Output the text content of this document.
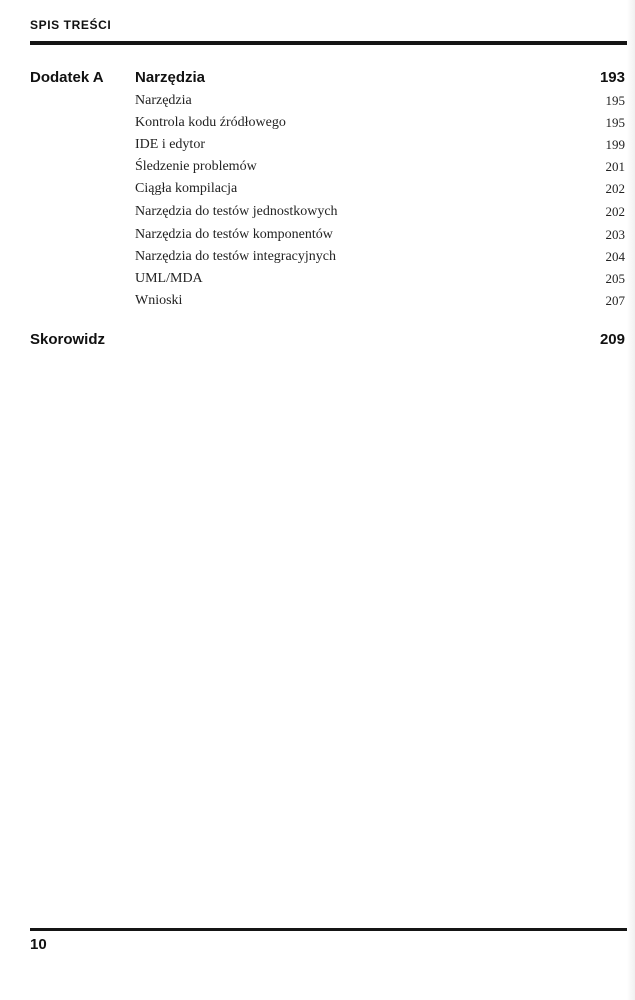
SPIS TREŚCI
Dodatek A Narzędzia	193
Narzędzia	195
Kontrola kodu źródłowego	195
IDE i edytor	199
Śledzenie problemów	201
Ciągła kompilacja	202
Narzędzia do testów jednostkowych	202
Narzędzia do testów komponentów	203
Narzędzia do testów integracyjnych	204
UML/MDA	205
Wnioski	207
Skorowidz	209
10
